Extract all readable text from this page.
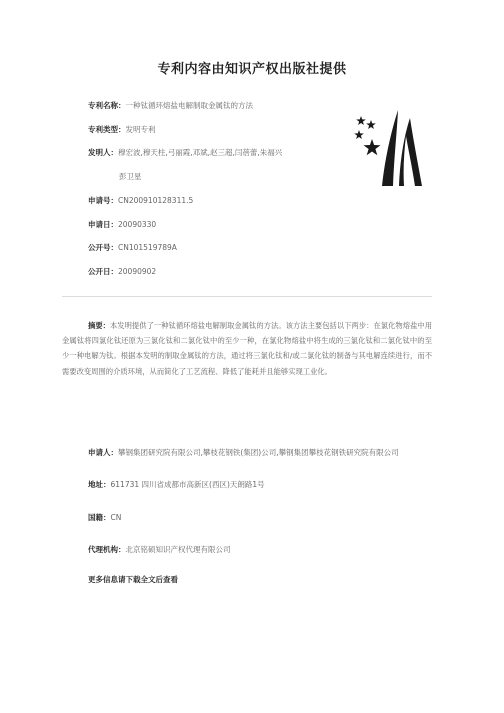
专利内容由知识产权出版社提供
专利名称：一种钛循环熔盐电解制取金属钛的方法
专利类型：发明专利
发明人：穆宏波,穆天柱,弓丽霞,邓斌,赵三超,闫蓓蕾,朱福兴
彭卫星
申请号：CN200910128311.5
申请日：20090330
公开号：CN101519789A
公开日：20090902
摘要：本发明提供了一种钛循环熔盐电解制取金属钛的方法。该方法主要包括以下两步：在氯化物熔盐中用金属钛将四氯化钛还原为三氯化钛和二氯化钛中的至少一种，在氯化物熔盐中将生成的三氯化钛和二氯化钛中的至少一种电解为钛。根据本发明的制取金属钛的方法，通过将三氯化钛和/或二氯化钛的制备与其电解连续进行，而不需要改变周围的介质环境，从而简化了工艺流程、降低了能耗并且能够实现工业化。
申请人：攀钢集团研究院有限公司,攀枝花钢铁(集团)公司,攀钢集团攀枝花钢铁研究院有限公司
地址：611731 四川省成都市高新区(西区)天朗路1号
国籍：CN
代理机构：北京铭硕知识产权代理有限公司
更多信息请下载全文后查看
